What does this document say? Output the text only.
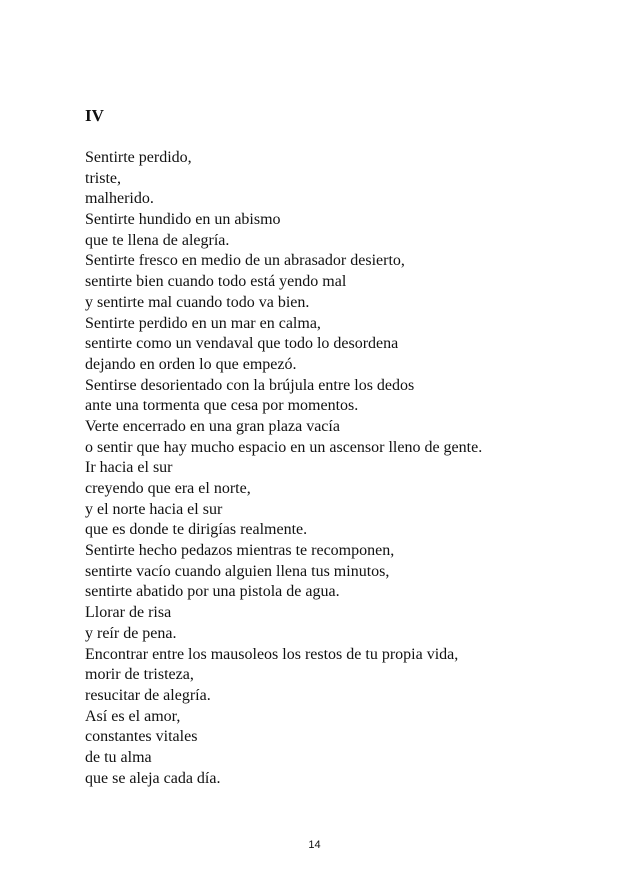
IV
Sentirte perdido,
triste,
malherido.
Sentirte hundido en un abismo
que te llena de alegría.
Sentirte fresco en medio de un abrasador desierto,
sentirte bien cuando todo está yendo mal
y sentirte mal cuando todo va bien.
Sentirte perdido en un mar en calma,
sentirte como un vendaval que todo lo desordena
dejando en orden lo que empezó.
Sentirse desorientado con la brújula entre los dedos
ante una tormenta que cesa por momentos.
Verte encerrado en una gran plaza vacía
o sentir que hay mucho espacio en un ascensor lleno de gente.
Ir hacia el sur
creyendo que era el norte,
y el norte hacia el sur
que es donde te dirigías realmente.
Sentirte hecho pedazos mientras te recomponen,
sentirte vacío cuando alguien llena tus minutos,
sentirte abatido por una pistola de agua.
Llorar de risa
y reír de pena.
Encontrar entre los mausoleos los restos de tu propia vida,
morir de tristeza,
resucitar de alegría.
Así es el amor,
constantes vitales
de tu alma
que se aleja cada día.
14
